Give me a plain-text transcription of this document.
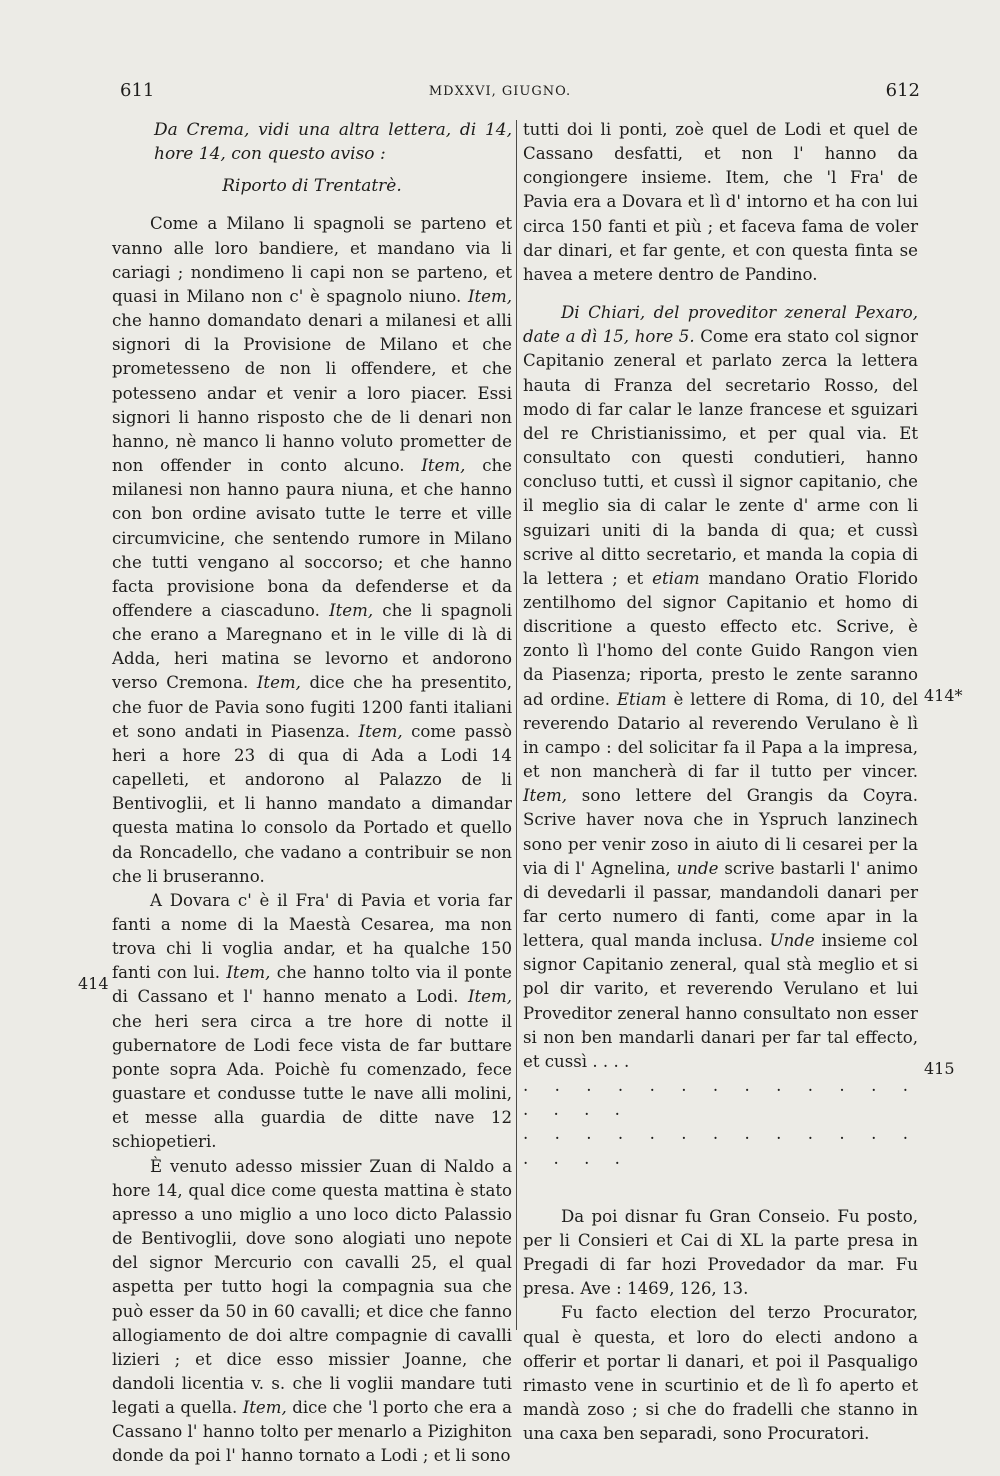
611	MDXXVI, GIUGNO.	612

Da Crema, vidi una altra lettera, di 14, hore 14, con questo aviso :

Riporto di Trentatrè.

Come a Milano li spagnoli se parteno et vanno alle loro bandiere, et mandano via li cariagi ; nondimeno li capi non se parteno, et quasi in Milano non c' è spagnolo niuno. Item, che hanno domandato denari a milanesi et alli signori di la Provisione de Milano et che prometesseno de non li offendere, et che potesseno andar et venir a loro piacer. Essi signori li hanno risposto che de li denari non hanno, nè manco li hanno voluto prometter de non offender in conto alcuno. Item, che milanesi non hanno paura niuna, et che hanno con bon ordine avisato tutte le terre et ville circumvicine, che sentendo rumore in Milano che tutti vengano al soccorso; et che hanno facta provisione bona da defenderse et da offendere a ciascaduno. Item, che li spagnoli che erano a Maregnano et in le ville di là di Adda, heri matina se levorno et andorono verso Cremona. Item, dice che ha presentito, che fuor de Pavia sono fugiti 1200 fanti italiani et sono andati in Piasenza. Item, come passò heri a hore 23 di qua di Ada a Lodi 14 capelleti, et andorono al Palazzo de li Bentivoglii, et li hanno mandato a dimandar questa matina lo consolo da Portado et quello da Roncadello, che vadano a contribuir se non che li bruseranno.

A Dovara c' è il Fra' di Pavia et voria far fanti a nome di la Maestà Cesarea, ma non trova chi li voglia andar, et ha qualche 150 fanti con lui. Item, che hanno tolto via il ponte di Cassano et l' hanno menato a Lodi. Item, che heri sera circa a tre hore di notte il gubernatore de Lodi fece vista de far buttare ponte sopra Ada. Poichè fu comenzado, fece guastare et condusse tutte le nave alli molini, et messe alla guardia de ditte nave 12 schiopetieri.

È venuto adesso missier Zuan di Naldo a hore 14, qual dice come questa mattina è stato apresso a uno miglio a uno loco dicto Palassio de Bentivoglii, dove sono alogiati uno nepote del signor Mercurio con cavalli 25, el qual aspetta per tutto hogi la compagnia sua che può esser da 50 in 60 cavalli; et dice che fanno allogiamento de doi altre compagnie di cavalli lizieri ; et dice esso missier Joanne, che dandoli licentia v. s. che li voglii mandare tuti legati a quella. Item, dice che 'l porto che era a Cassano l' hanno tolto per menarlo a Pizighiton donde da poi l' hanno tornato a Lodi ; et li sono

tutti doi li ponti, zoè quel de Lodi et quel de Cassano desfatti, et non l' hanno da congiongere insieme. Item, che 'l Fra' de Pavia era a Dovara et lì d' intorno et ha con lui circa 150 fanti et più ; et faceva fama de voler dar dinari, et far gente, et con questa finta se havea a metere dentro de Pandino.

Di Chiari, del proveditor zeneral Pexaro, date a dì 15, hore 5. Come era stato col signor Capitanio zeneral et parlato zerca la lettera hauta di Franza del secretario Rosso, del modo di far calar le lanze francese et sguizari del re Christianissimo, et per qual via. Et consultato con questi condutieri, hanno concluso tutti, et cussì il signor capitanio, che il meglio sia di calar le zente d' arme con li sguizari uniti di la banda di qua; et cussì scrive al ditto secretario, et manda la copia di la lettera ; et etiam mandano Oratio Florido zentilhomo del signor Capitanio et homo di discritione a questo effecto etc. Scrive, è zonto lì l'homo del conte Guido Rangon vien da Piasenza; riporta, presto le zente saranno ad ordine. Etiam è lettere di Roma, di 10, del reverendo Datario al reverendo Verulano è lì in campo : del solicitar fa il Papa a la impresa, et non mancherà di far il tutto per vincer. Item, sono lettere del Grangis da Coyra. Scrive haver nova che in Yspruch lanzinech sono per venir zoso in aiuto di li cesarei per la via di l' Agnelina, unde scrive bastarli l' animo di devedarli il passar, mandandoli danari per far certo numero di fanti, come apar in la lettera, qual manda inclusa. Unde insieme col signor Capitanio zeneral, qual stà meglio et si pol dir varito, et reverendo Verulano et lui Proveditor zeneral hanno consultato non esser si non ben mandarli danari per far tal effecto, et cussì . . . .

. . . . . . . . . . . . . . . . .

. . . . . . . . . . . . . . . . .

Da poi disnar fu Gran Conseio. Fu posto, per li Consieri et Cai di XL la parte presa in Pregadi di far hozi Provedador da mar. Fu presa. Ave : 1469, 126, 13.

Fu facto election del terzo Procurator, qual è questa, et loro do electi andono a offerir et portar li danari, et poi il Pasqualigo rimasto vene in scurtinio et de lì fo aperto et mandà zoso ; si che do fradelli che stanno in una caxa ben separadi, sono Procuratori.

414
414*
415
